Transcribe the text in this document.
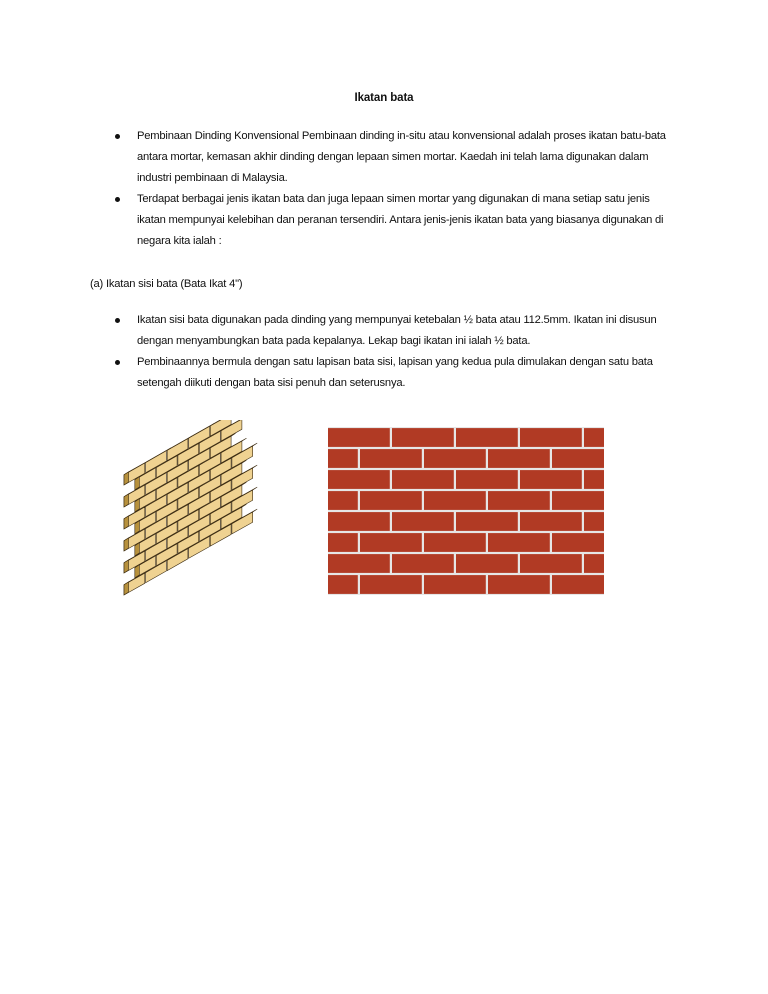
Ikatan bata
Pembinaan Dinding Konvensional Pembinaan dinding in-situ atau konvensional adalah proses ikatan batu-bata antara mortar, kemasan akhir dinding dengan lepaan simen mortar. Kaedah ini telah lama digunakan dalam industri pembinaan di Malaysia.
Terdapat berbagai jenis ikatan bata dan juga lepaan simen mortar yang digunakan di mana setiap satu jenis ikatan mempunyai kelebihan dan peranan tersendiri. Antara jenis-jenis ikatan bata yang biasanya digunakan di negara kita ialah :
(a) Ikatan sisi bata (Bata Ikat 4")
Ikatan sisi bata digunakan pada dinding yang mempunyai ketebalan ½ bata atau 112.5mm. Ikatan ini disusun dengan menyambungkan bata pada kepalanya. Lekap bagi ikatan ini ialah ½ bata.
Pembinaannya bermula dengan satu lapisan bata sisi, lapisan yang kedua pula dimulakan dengan satu bata setengah diikuti dengan bata sisi penuh dan seterusnya.
